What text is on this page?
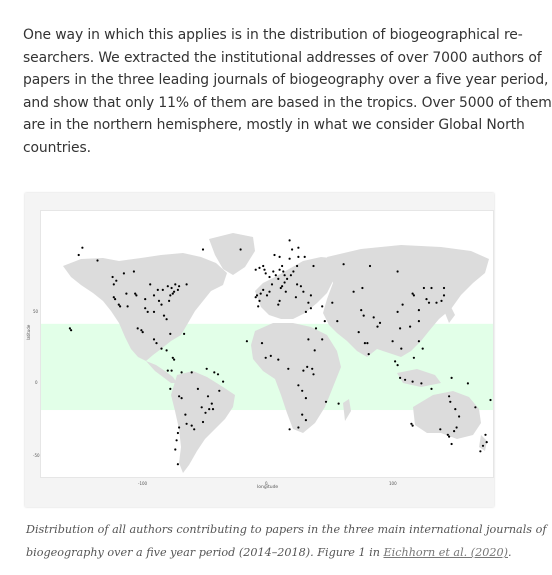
One way in which this applies is in the distribution of biogeographical re-
searchers. We extracted the institutional addresses of over 7000 authors of
papers in the three leading journals of biogeography over a five year period,
and show that only 11% of them are based in the tropics. Over 5000 of them
are in the northern hemisphere, mostly in what we consider Global North
countries.

latitude
50
0
-50
-100	0	100
longitude

Distribution of all authors contributing to papers in the three main international journals of
biogeography over a five year period (2014–2018). Figure 1 in Eichhorn et al. (2020).
